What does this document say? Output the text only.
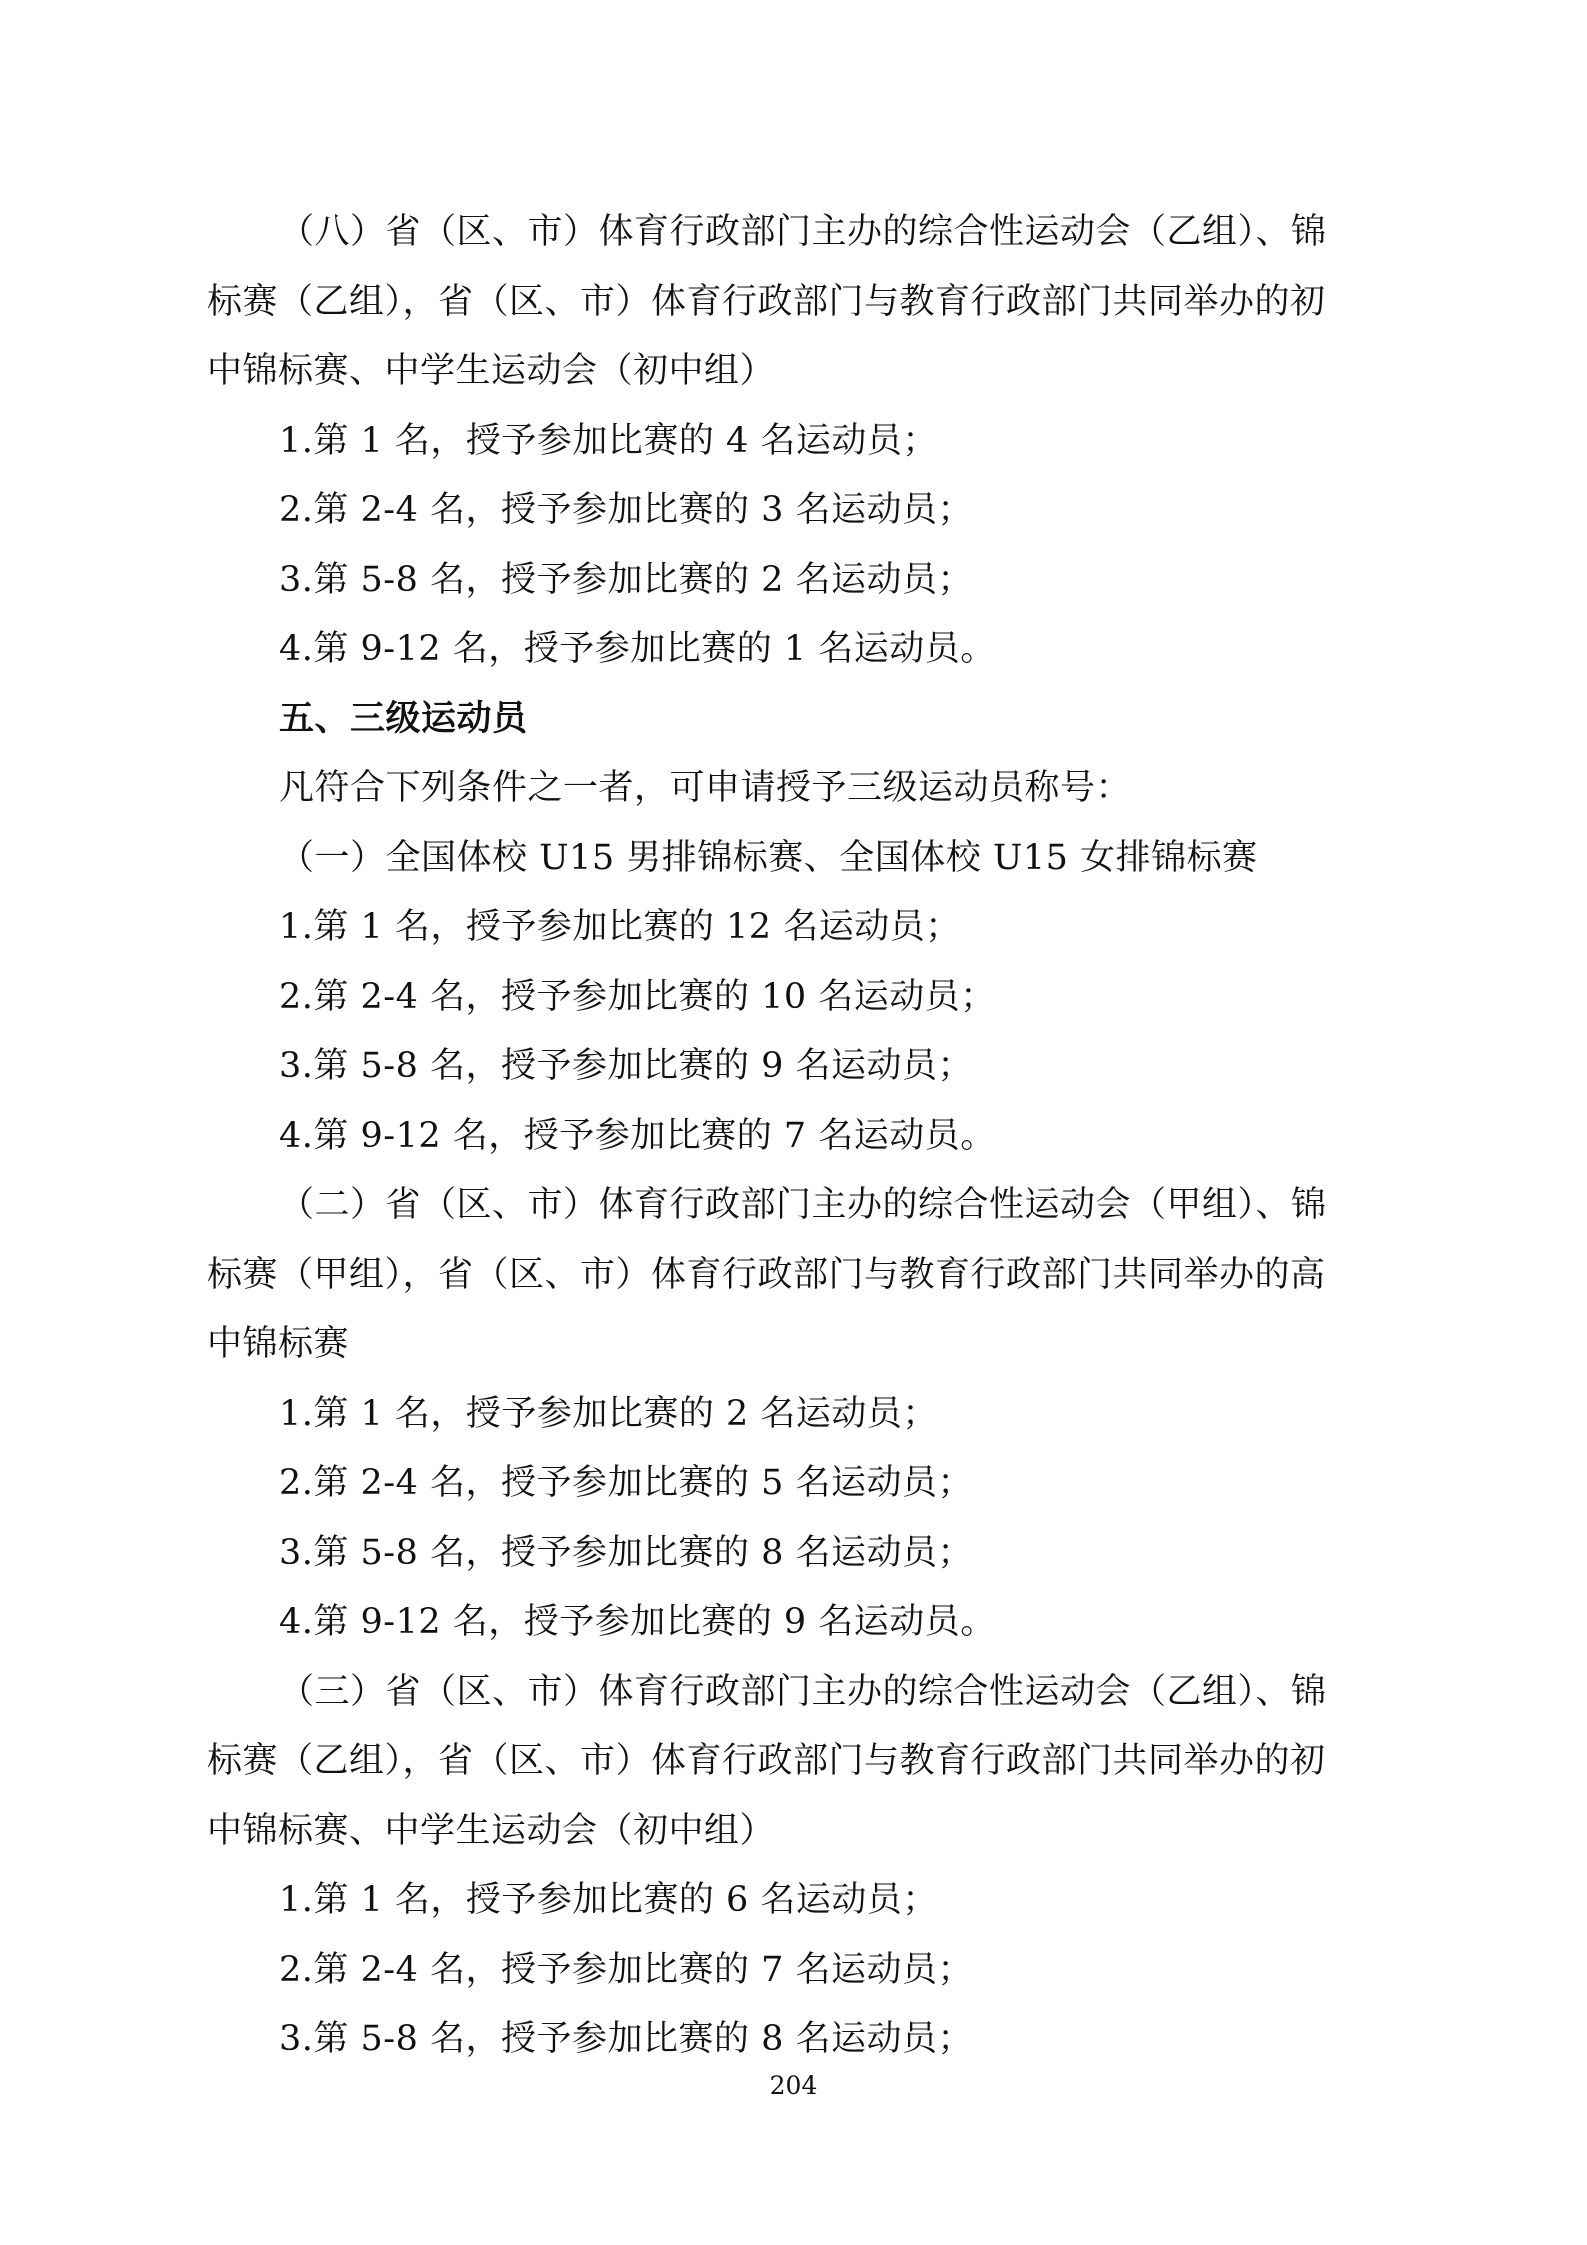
（八）省（区、市）体育行政部门主办的综合性运动会（乙组）、锦
标赛（乙组），省（区、市）体育行政部门与教育行政部门共同举办的初
中锦标赛、中学生运动会（初中组）
1.第 1 名，授予参加比赛的 4 名运动员；
2.第 2-4 名，授予参加比赛的 3 名运动员；
3.第 5-8 名，授予参加比赛的 2 名运动员；
4.第 9-12 名，授予参加比赛的 1 名运动员。
五、三级运动员
凡符合下列条件之一者，可申请授予三级运动员称号：
（一）全国体校 U15 男排锦标赛、全国体校 U15 女排锦标赛
1.第 1 名，授予参加比赛的 12 名运动员；
2.第 2-4 名，授予参加比赛的 10 名运动员；
3.第 5-8 名，授予参加比赛的 9 名运动员；
4.第 9-12 名，授予参加比赛的 7 名运动员。
（二）省（区、市）体育行政部门主办的综合性运动会（甲组）、锦
标赛（甲组），省（区、市）体育行政部门与教育行政部门共同举办的高
中锦标赛
1.第 1 名，授予参加比赛的 2 名运动员；
2.第 2-4 名，授予参加比赛的 5 名运动员；
3.第 5-8 名，授予参加比赛的 8 名运动员；
4.第 9-12 名，授予参加比赛的 9 名运动员。
（三）省（区、市）体育行政部门主办的综合性运动会（乙组）、锦
标赛（乙组），省（区、市）体育行政部门与教育行政部门共同举办的初
中锦标赛、中学生运动会（初中组）
1.第 1 名，授予参加比赛的 6 名运动员；
2.第 2-4 名，授予参加比赛的 7 名运动员；
3.第 5-8 名，授予参加比赛的 8 名运动员；
204
